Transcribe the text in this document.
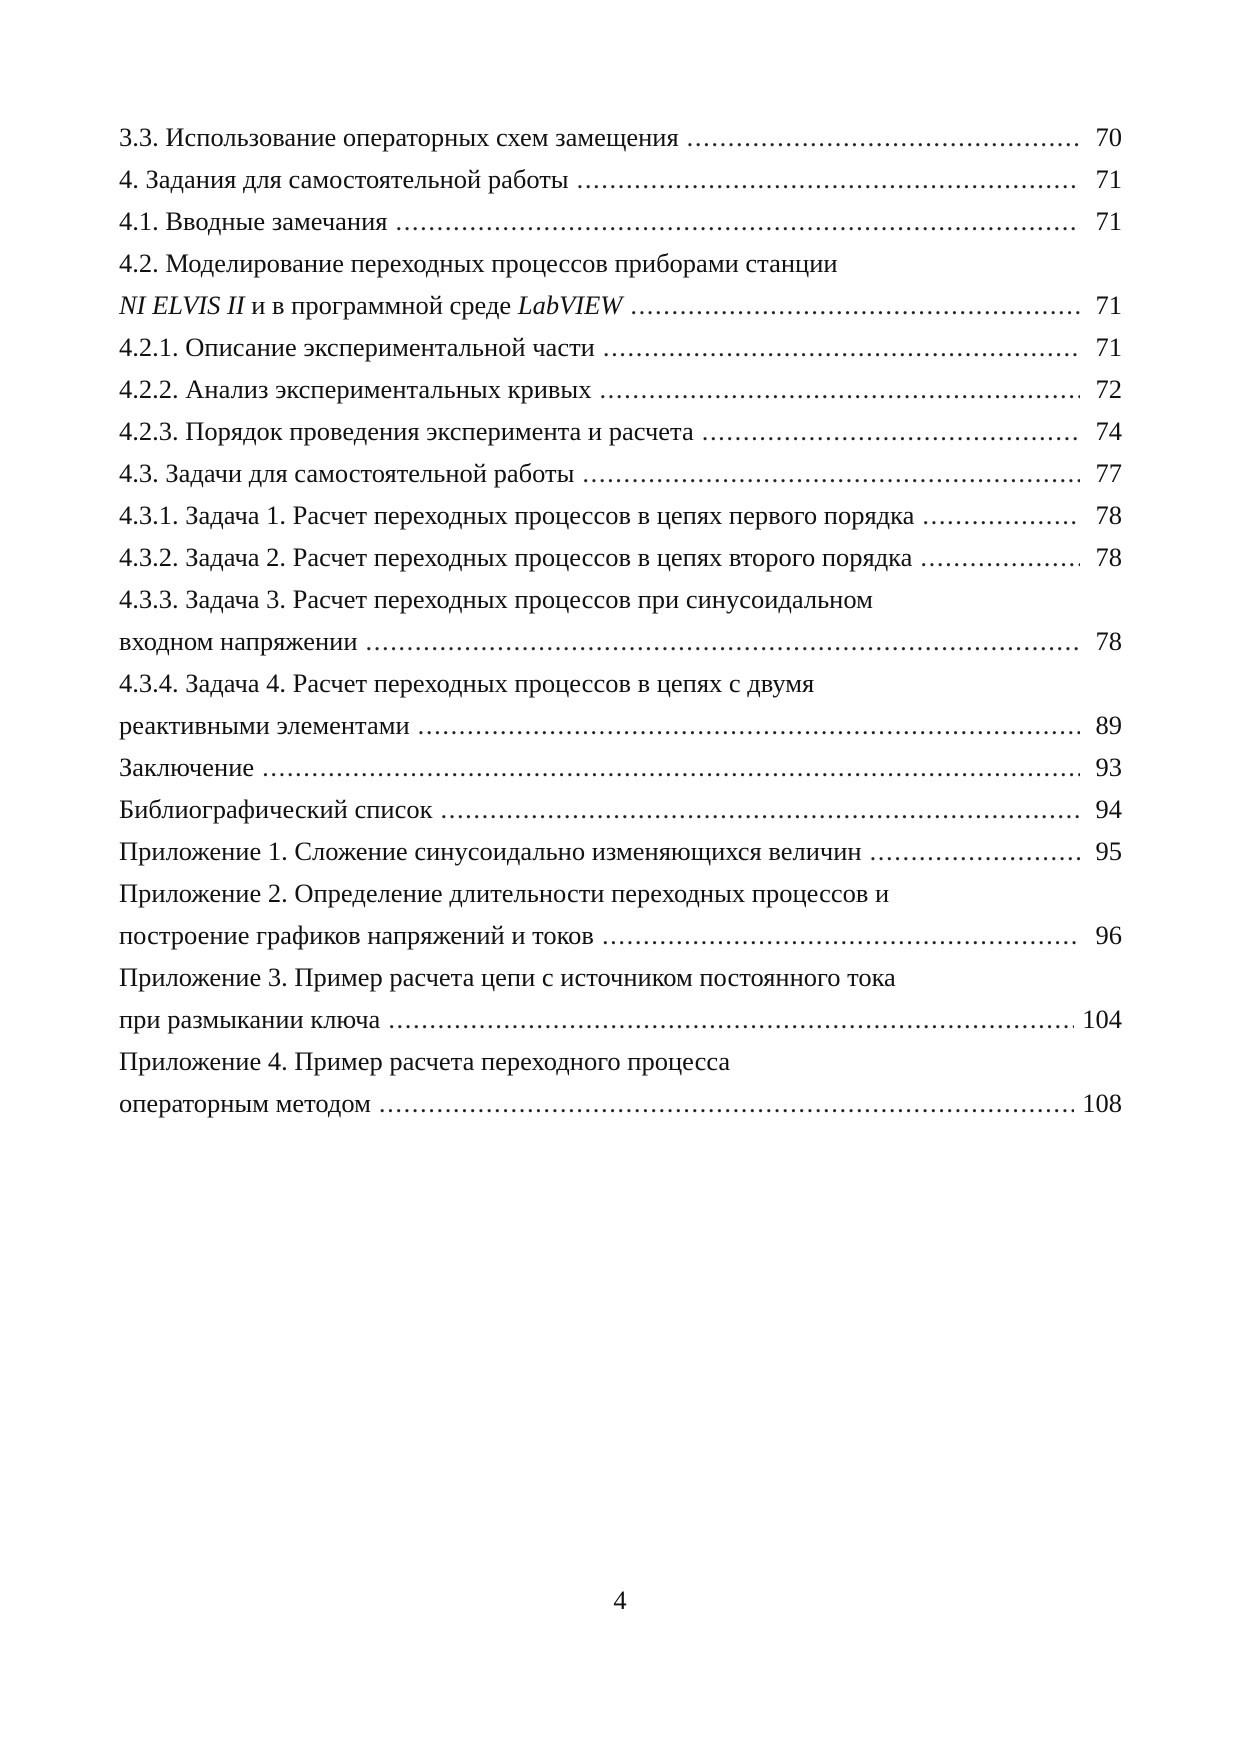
3.3. Использование операторных схем замещения .....	70
4. Задания для самостоятельной работы .....	71
4.1. Вводные замечания .....	71
4.2. Моделирование переходных процессов приборами станции
NI ELVIS II и в программной среде LabVIEW .....	71
4.2.1. Описание экспериментальной части .....	71
4.2.2. Анализ экспериментальных кривых .....	72
4.2.3. Порядок проведения эксперимента и расчета .....	74
4.3. Задачи для самостоятельной работы .....	77
4.3.1. Задача 1. Расчет переходных процессов в цепях первого порядка .....	78
4.3.2. Задача 2. Расчет переходных процессов в цепях второго порядка .....	78
4.3.3. Задача 3. Расчет переходных процессов при синусоидальном
входном напряжении .....	78
4.3.4. Задача 4. Расчет переходных процессов в цепях с двумя
реактивными элементами .....	89
Заключение .....	93
Библиографический список .....	94
Приложение 1. Сложение синусоидально изменяющихся величин .....	95
Приложение 2. Определение длительности переходных процессов и
построение графиков напряжений и токов .....	96
Приложение 3. Пример расчета цепи с источником постоянного тока
при размыкании ключа .....	104
Приложение 4. Пример расчета переходного процесса
операторным методом .....	108
4
